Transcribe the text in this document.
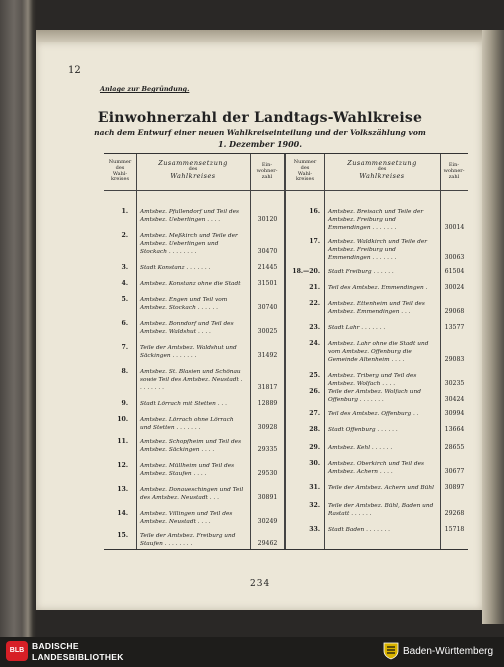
12
Anlage zur Begründung.
Einwohnerzahl der Landtags-Wahlkreise
nach dem Entwurf einer neuen Wahlkreiseinteilung und der Volkszählung vom
1. Dezember 1900.
Nummer
des
Wahl-
kreises
Zusammensetzung
des
Wahlkreises
Ein-
wohner-
zahl
Nummer
des
Wahl-
kreises
Zusammensetzung
des
Wahlkreises
Ein-
wohner-
zahl
1. Amtsbez. Pfullendorf und Teil des Amtsbez. Ueberlingen . . . .	30120
2. Amtsbez. Meßkirch und Teile der Amtsbez. Ueberlingen und Stockach . . . . . . . .	30470
3. Stadt Konstanz . . . . . . .	21445
4. Amtsbez. Konstanz ohne die Stadt	31501
5. Amtsbez. Engen und Teil vom Amtsbez. Stockach . . . . . .	30740
6. Amtsbez. Bonndorf und Teil des Amtsbez. Waldshut . . . .	30025
7. Teile der Amtsbez. Waldshut und Säckingen . . . . . . .	31492
8. Amtsbez. St. Blasien und Schönau sowie Teil des Amtsbez. Neustadt . . . . . . . .	31817
9. Stadt Lörrach mit Stetten . . .	12889
10. Amtsbez. Lörrach ohne Lörrach und Stetten . . . . . . .	30928
11. Amtsbez. Schopfheim und Teil des Amtsbez. Säckingen . . . .	29335
12. Amtsbez. Müllheim und Teil des Amtsbez. Staufen . . . .	29530
13. Amtsbez. Donaueschingen und Teil des Amtsbez. Neustadt . . .	30891
14. Amtsbez. Villingen und Teil des Amtsbez. Neustadt . . . .	30249
15. Teile der Amtsbez. Freiburg und Staufen . . . . . . . .	29462
16. Amtsbez. Breisach und Teile der Amtsbez. Freiburg und Emmendingen . . . . . . .	30014
17. Amtsbez. Waldkirch und Teile der Amtsbez. Freiburg und Emmendingen . . . . . . .	30063
18.—20. Stadt Freiburg . . . . . .	61504
21. Teil des Amtsbez. Emmendingen .	30024
22. Amtsbez. Ettenheim und Teil des Amtsbez. Emmendingen . . .	29068
23. Stadt Lahr . . . . . . .	13577
24. Amtsbez. Lahr ohne die Stadt und vom Amtsbez. Offenburg die Gemeinde Altenheim . . . .	29083
25. Amtsbez. Triberg und Teil des Amtsbez. Wolfach . . . .	30235
26. Teile der Amtsbez. Wolfach und Offenburg . . . . . . .	30424
27. Teil des Amtsbez. Offenburg . .	30994
28. Stadt Offenburg . . . . . .	13664
29. Amtsbez. Kehl . . . . . .	28655
30. Amtsbez. Oberkirch und Teil des Amtsbez. Achern . . . .	30677
31. Teile der Amtsbez. Achern und Bühl	30897
32. Teile der Amtsbez. Bühl, Baden und Rastatt . . . . . .	29268
33. Stadt Baden . . . . . . .	15718
234
BLB BADISCHE
LANDESBIBLIOTHEK	Baden-Württemberg
